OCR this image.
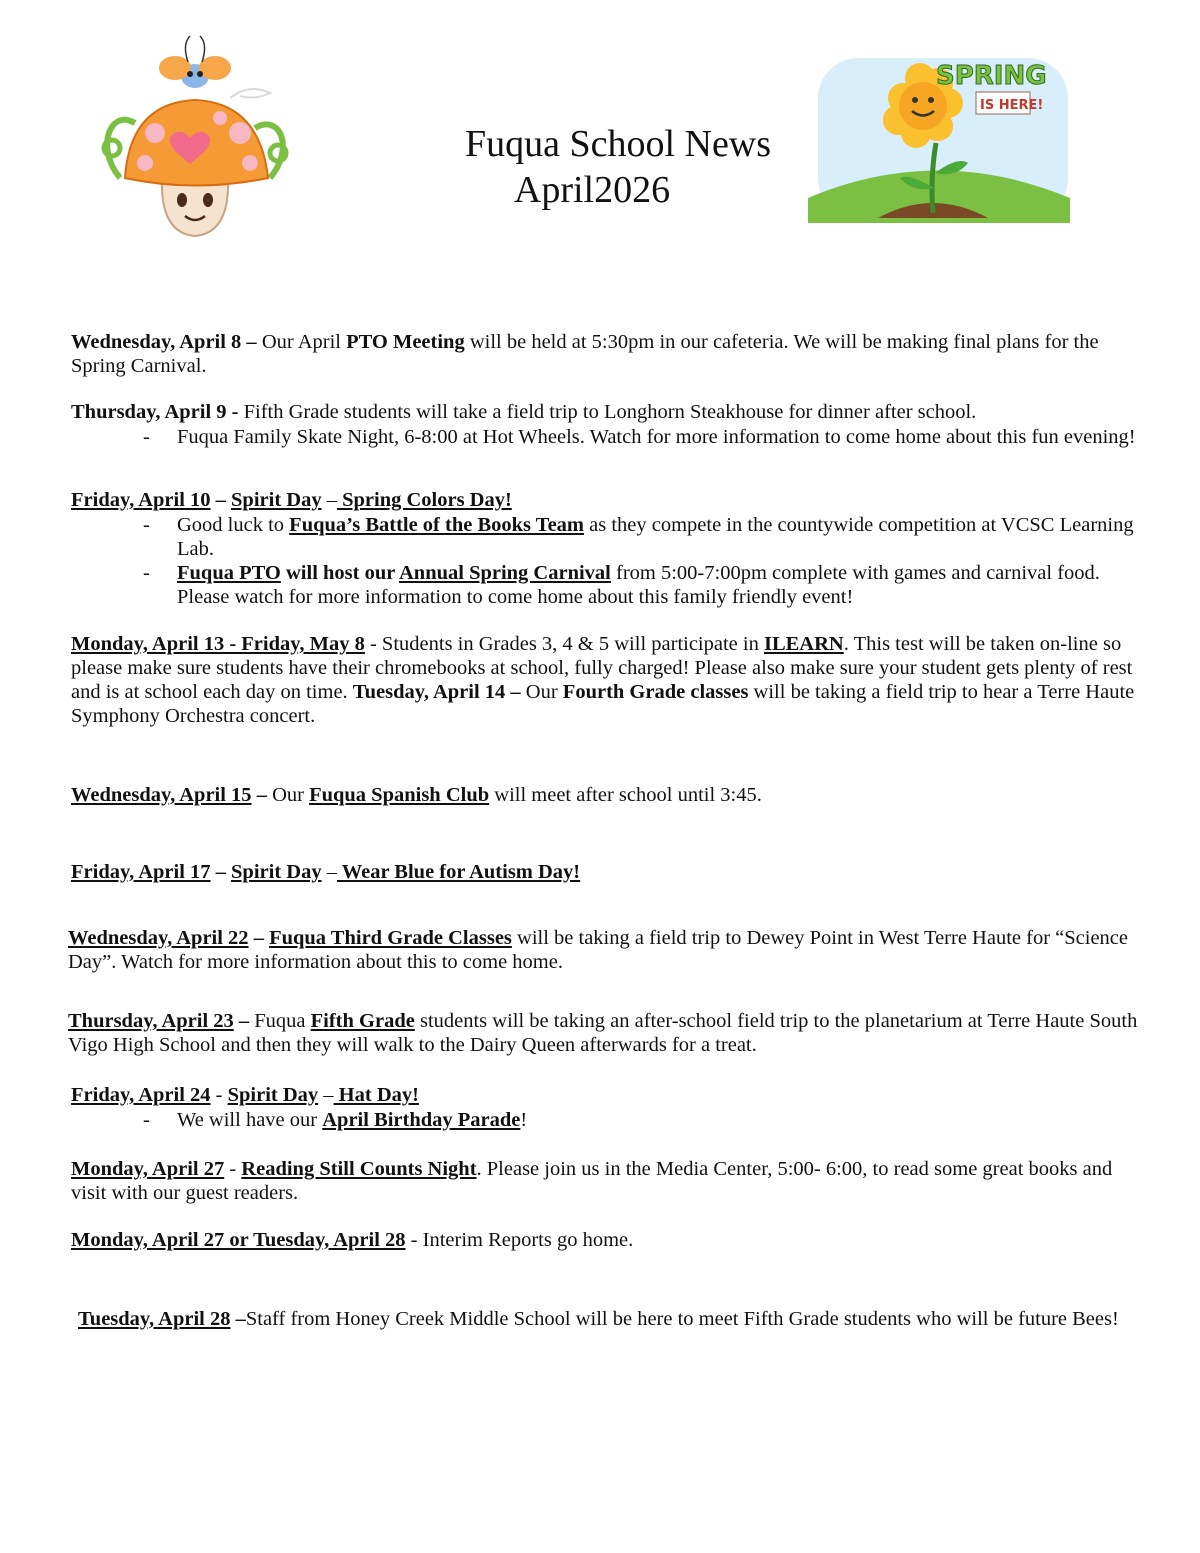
SPRING
IS HERE!
Fuqua School News
April2026

Wednesday, April 8 – Our April PTO Meeting will be held at 5:30pm in our cafeteria. We will be making final plans for the Spring Carnival.

Thursday, April 9 - Fifth Grade students will take a field trip to Longhorn Steakhouse for dinner after school.

- Fuqua Family Skate Night, 6-8:00 at Hot Wheels. Watch for more information to come home about this fun evening!

Friday, April 10 – Spirit Day – Spring Colors Day!

- Good luck to Fuqua’s Battle of the Books Team as they compete in the countywide competition at VCSC Learning Lab.
- Fuqua PTO will host our Annual Spring Carnival from 5:00-7:00pm complete with games and carnival food. Please watch for more information to come home about this family friendly event!

Monday, April 13 - Friday, May 8 - Students in Grades 3, 4 & 5 will participate in ILEARN. This test will be taken on-line so please make sure students have their chromebooks at school, fully charged! Please also make sure your student gets plenty of rest and is at school each day on time. Tuesday, April 14 – Our Fourth Grade classes will be taking a field trip to hear a Terre Haute Symphony Orchestra concert.

Wednesday, April 15 – Our Fuqua Spanish Club will meet after school until 3:45.

Friday, April 17 – Spirit Day – Wear Blue for Autism Day!

Wednesday, April 22 – Fuqua Third Grade Classes will be taking a field trip to Dewey Point in West Terre Haute for “Science Day”. Watch for more information about this to come home.

Thursday, April 23 – Fuqua Fifth Grade students will be taking an after-school field trip to the planetarium at Terre Haute South Vigo High School and then they will walk to the Dairy Queen afterwards for a treat.

Friday, April 24 - Spirit Day – Hat Day!

- We will have our April Birthday Parade!

Monday, April 27 - Reading Still Counts Night. Please join us in the Media Center, 5:00- 6:00, to read some great books and visit with our guest readers.

Monday, April 27 or Tuesday, April 28 - Interim Reports go home.

Tuesday, April 28 –Staff from Honey Creek Middle School will be here to meet Fifth Grade students who will be future Bees!
